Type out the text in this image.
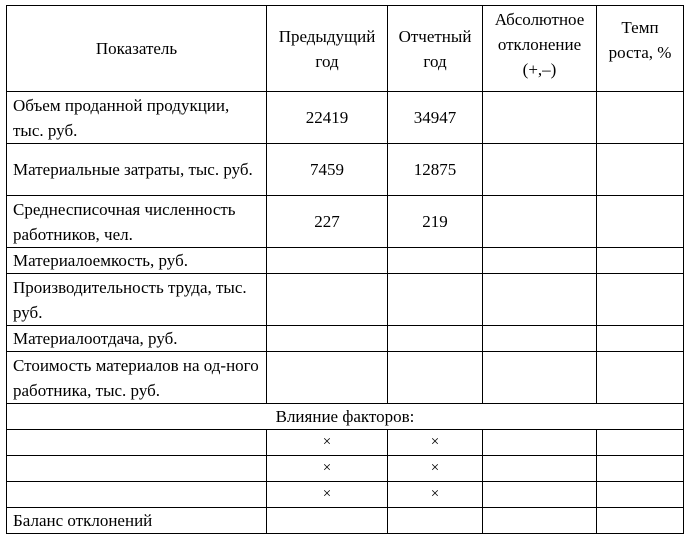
Показатель	Предыдущий год	Отчетный год	Абсолютное отклонение (+,–)	Темп роста, %
Объем проданной продукции, тыс. руб.	22419	34947		
Материальные затраты, тыс. руб.	7459	12875		
Среднесписочная численность работников, чел.	227	219		
Материалоемкость, руб.				
Производительность труда, тыс. руб.				
Материалоотдача, руб.				
Стоимость материалов на од-ного работника, тыс. руб.				
Влияние факторов:				
	×	×		
	×	×		
	×	×		
Баланс отклонений				
